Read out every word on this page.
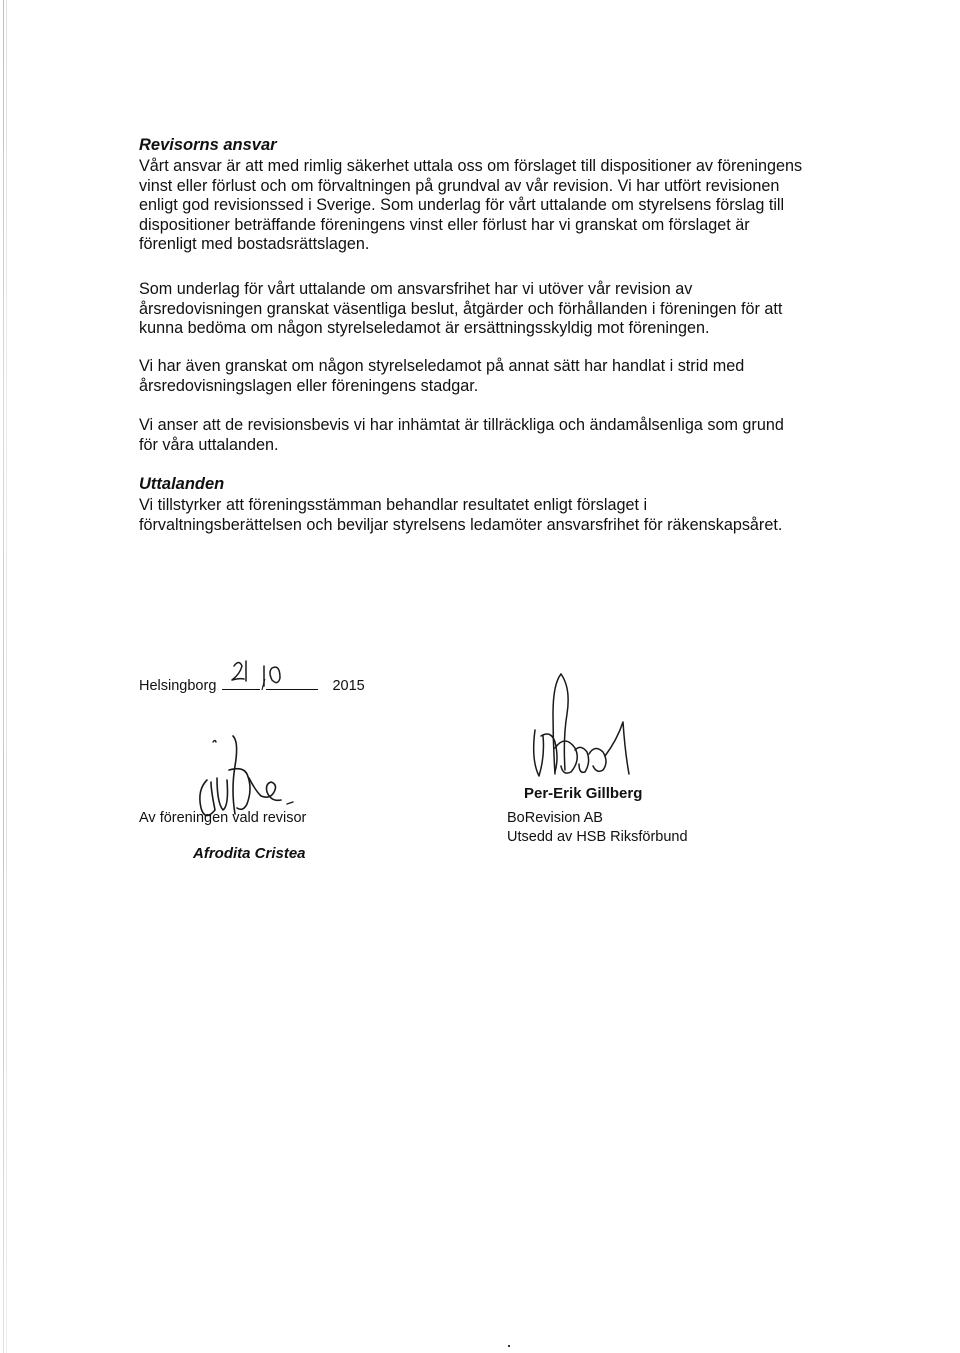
Revisorns ansvar
Vårt ansvar är att med rimlig säkerhet uttala oss om förslaget till dispositioner av föreningens
vinst eller förlust och om förvaltningen på grundval av vår revision. Vi har utfört revisionen
enligt god revisionssed i Sverige. Som underlag för vårt uttalande om styrelsens förslag till
dispositioner beträffande föreningens vinst eller förlust har vi granskat om förslaget är
förenligt med bostadsrättslagen.
Som underlag för vårt uttalande om ansvarsfrihet har vi utöver vår revision av
årsredovisningen granskat väsentliga beslut, åtgärder och förhållanden i föreningen för att
kunna bedöma om någon styrelseledamot är ersättningsskyldig mot föreningen.
Vi har även granskat om någon styrelseledamot på annat sätt har handlat i strid med
årsredovisningslagen eller föreningens stadgar.
Vi anser att de revisionsbevis vi har inhämtat är tillräckliga och ändamålsenliga som grund
för våra uttalanden.
Uttalanden
Vi tillstyrker att föreningsstämman behandlar resultatet enligt förslaget i
förvaltningsberättelsen och beviljar styrelsens ledamöter ansvarsfrihet för räkenskapsåret.
Helsingborg	/	2015
Av föreningen vald revisor
Afrodita Cristea
Per-Erik Gillberg
BoRevision AB
Utsedd av HSB Riksförbund
